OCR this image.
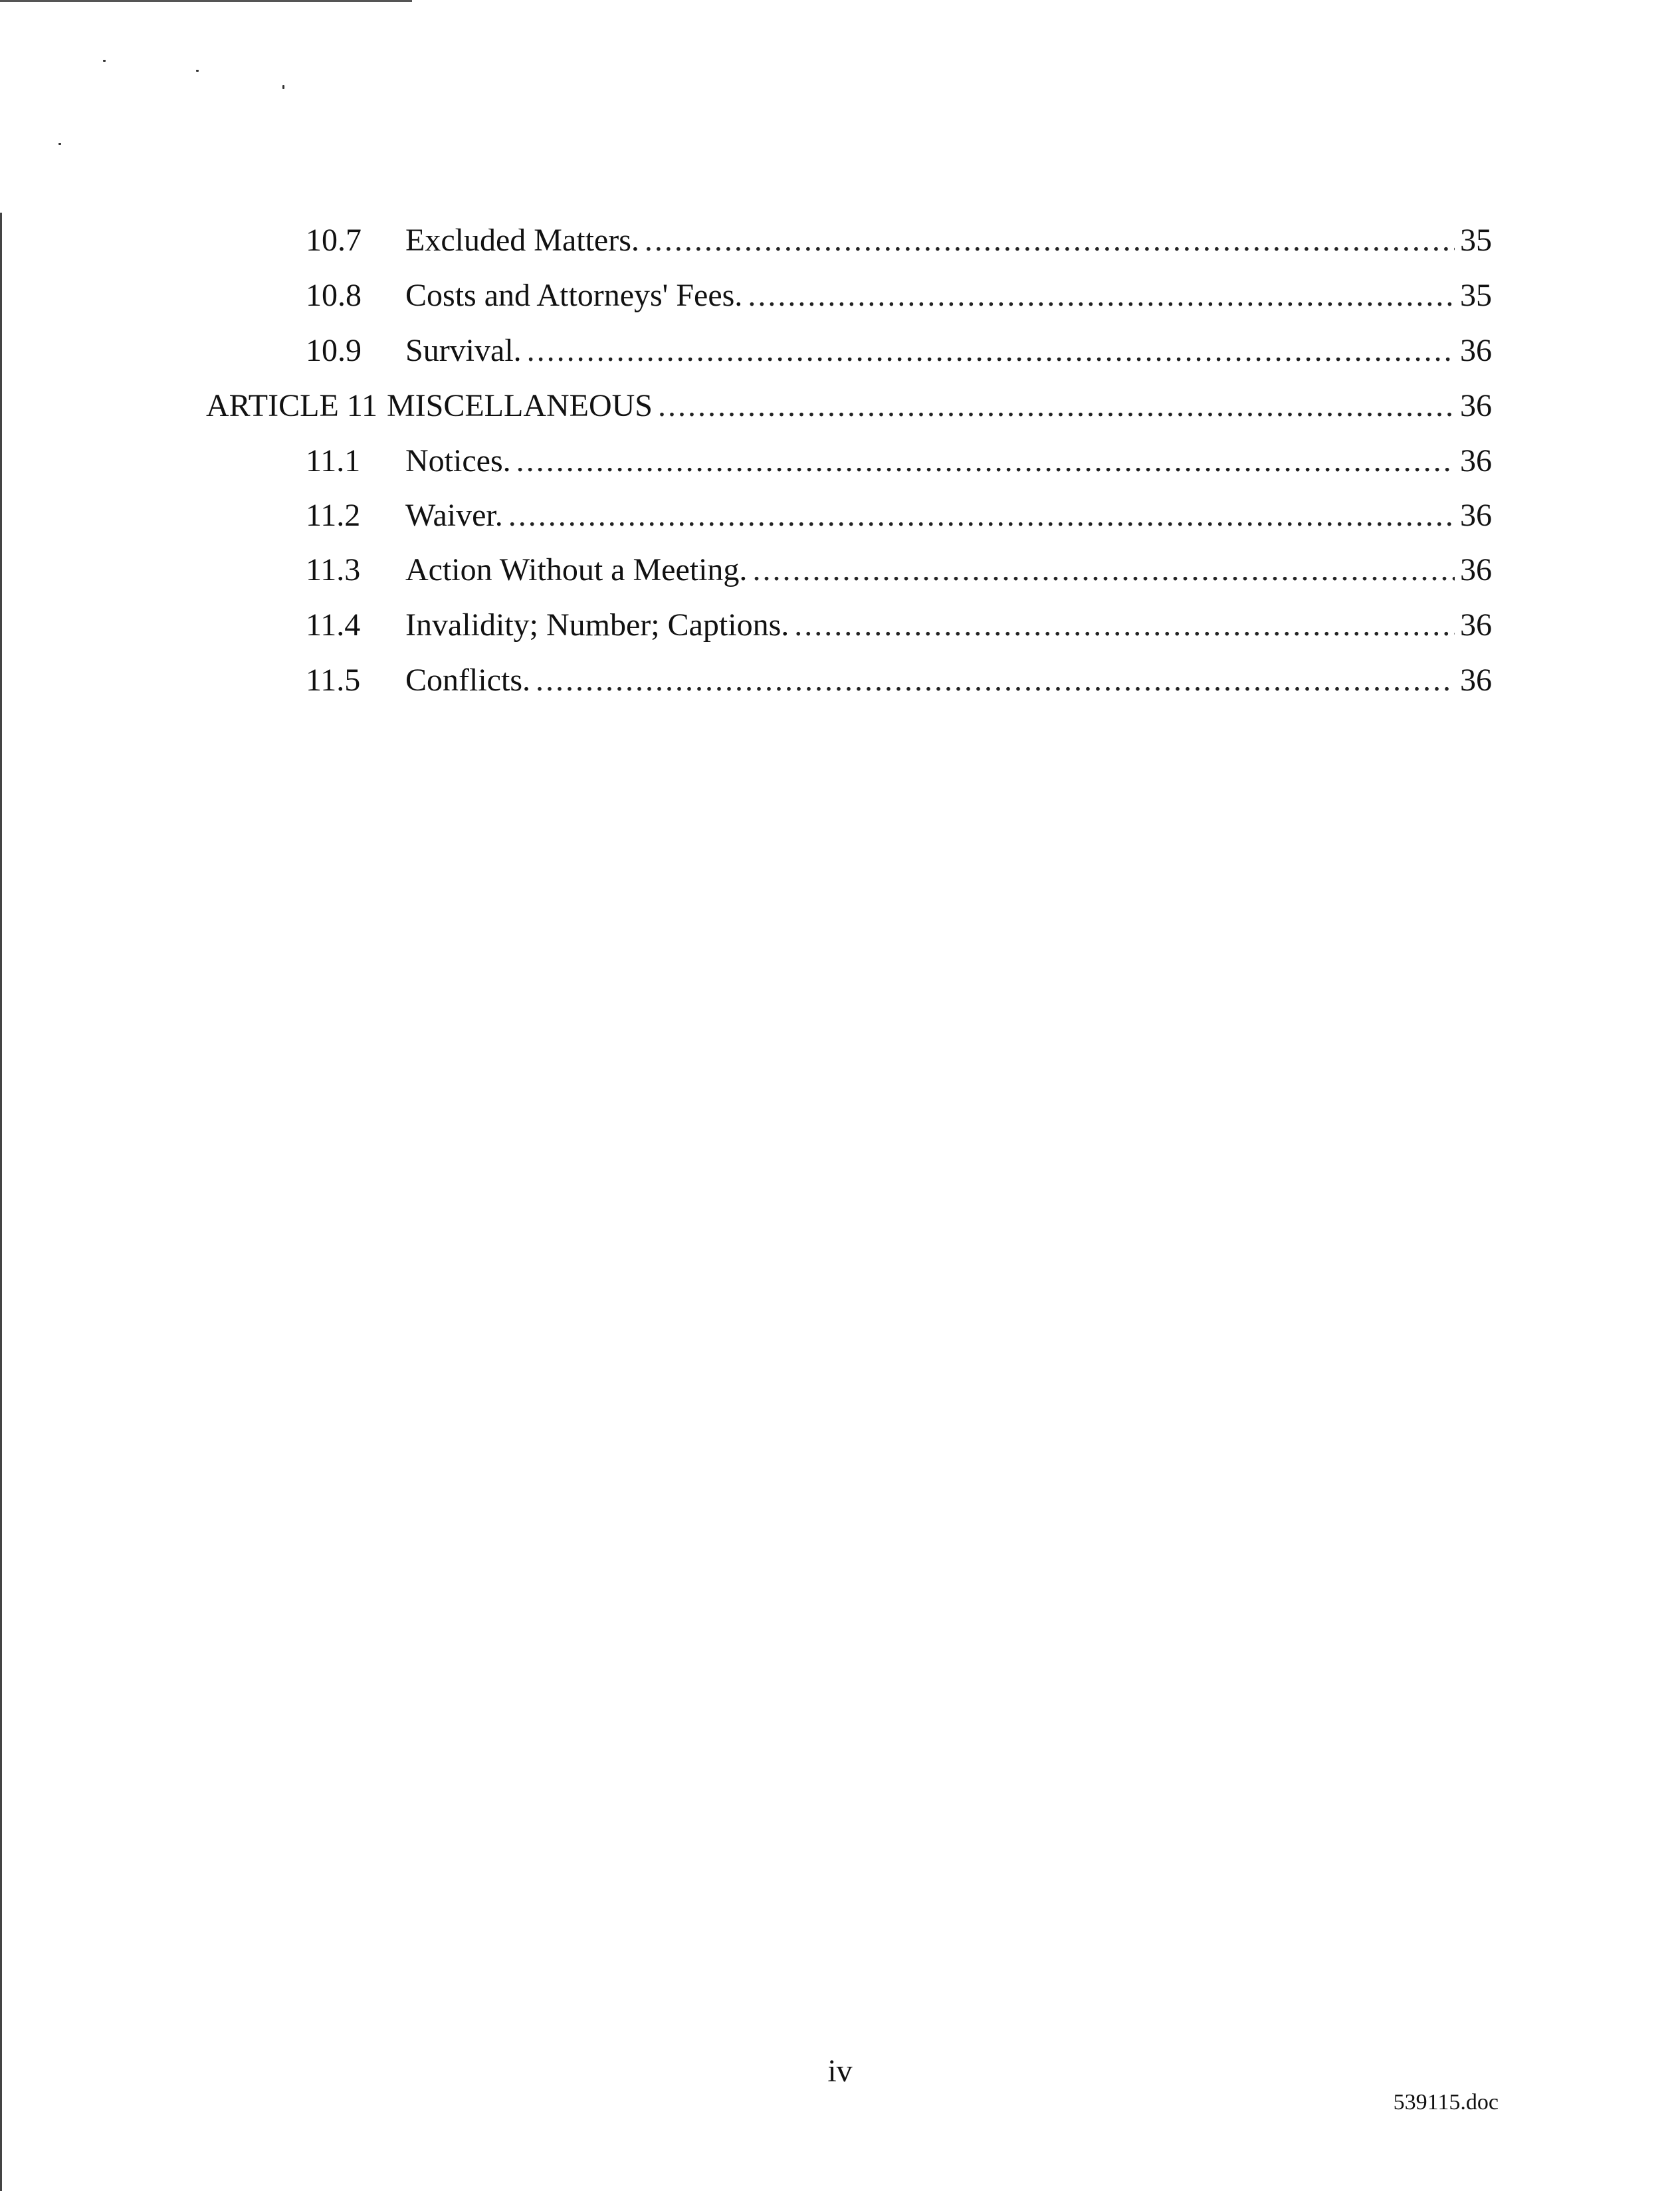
10.7	Excluded Matters. .....	35
10.8	Costs and Attorneys' Fees. .....	35
10.9	Survival. .....	36
ARTICLE 11 MISCELLANEOUS .....	36
11.1	Notices. .....	36
11.2	Waiver. .....	36
11.3	Action Without a Meeting. .....	36
11.4	Invalidity; Number; Captions. .....	36
11.5	Conflicts. .....	36
iv
539115.doc
